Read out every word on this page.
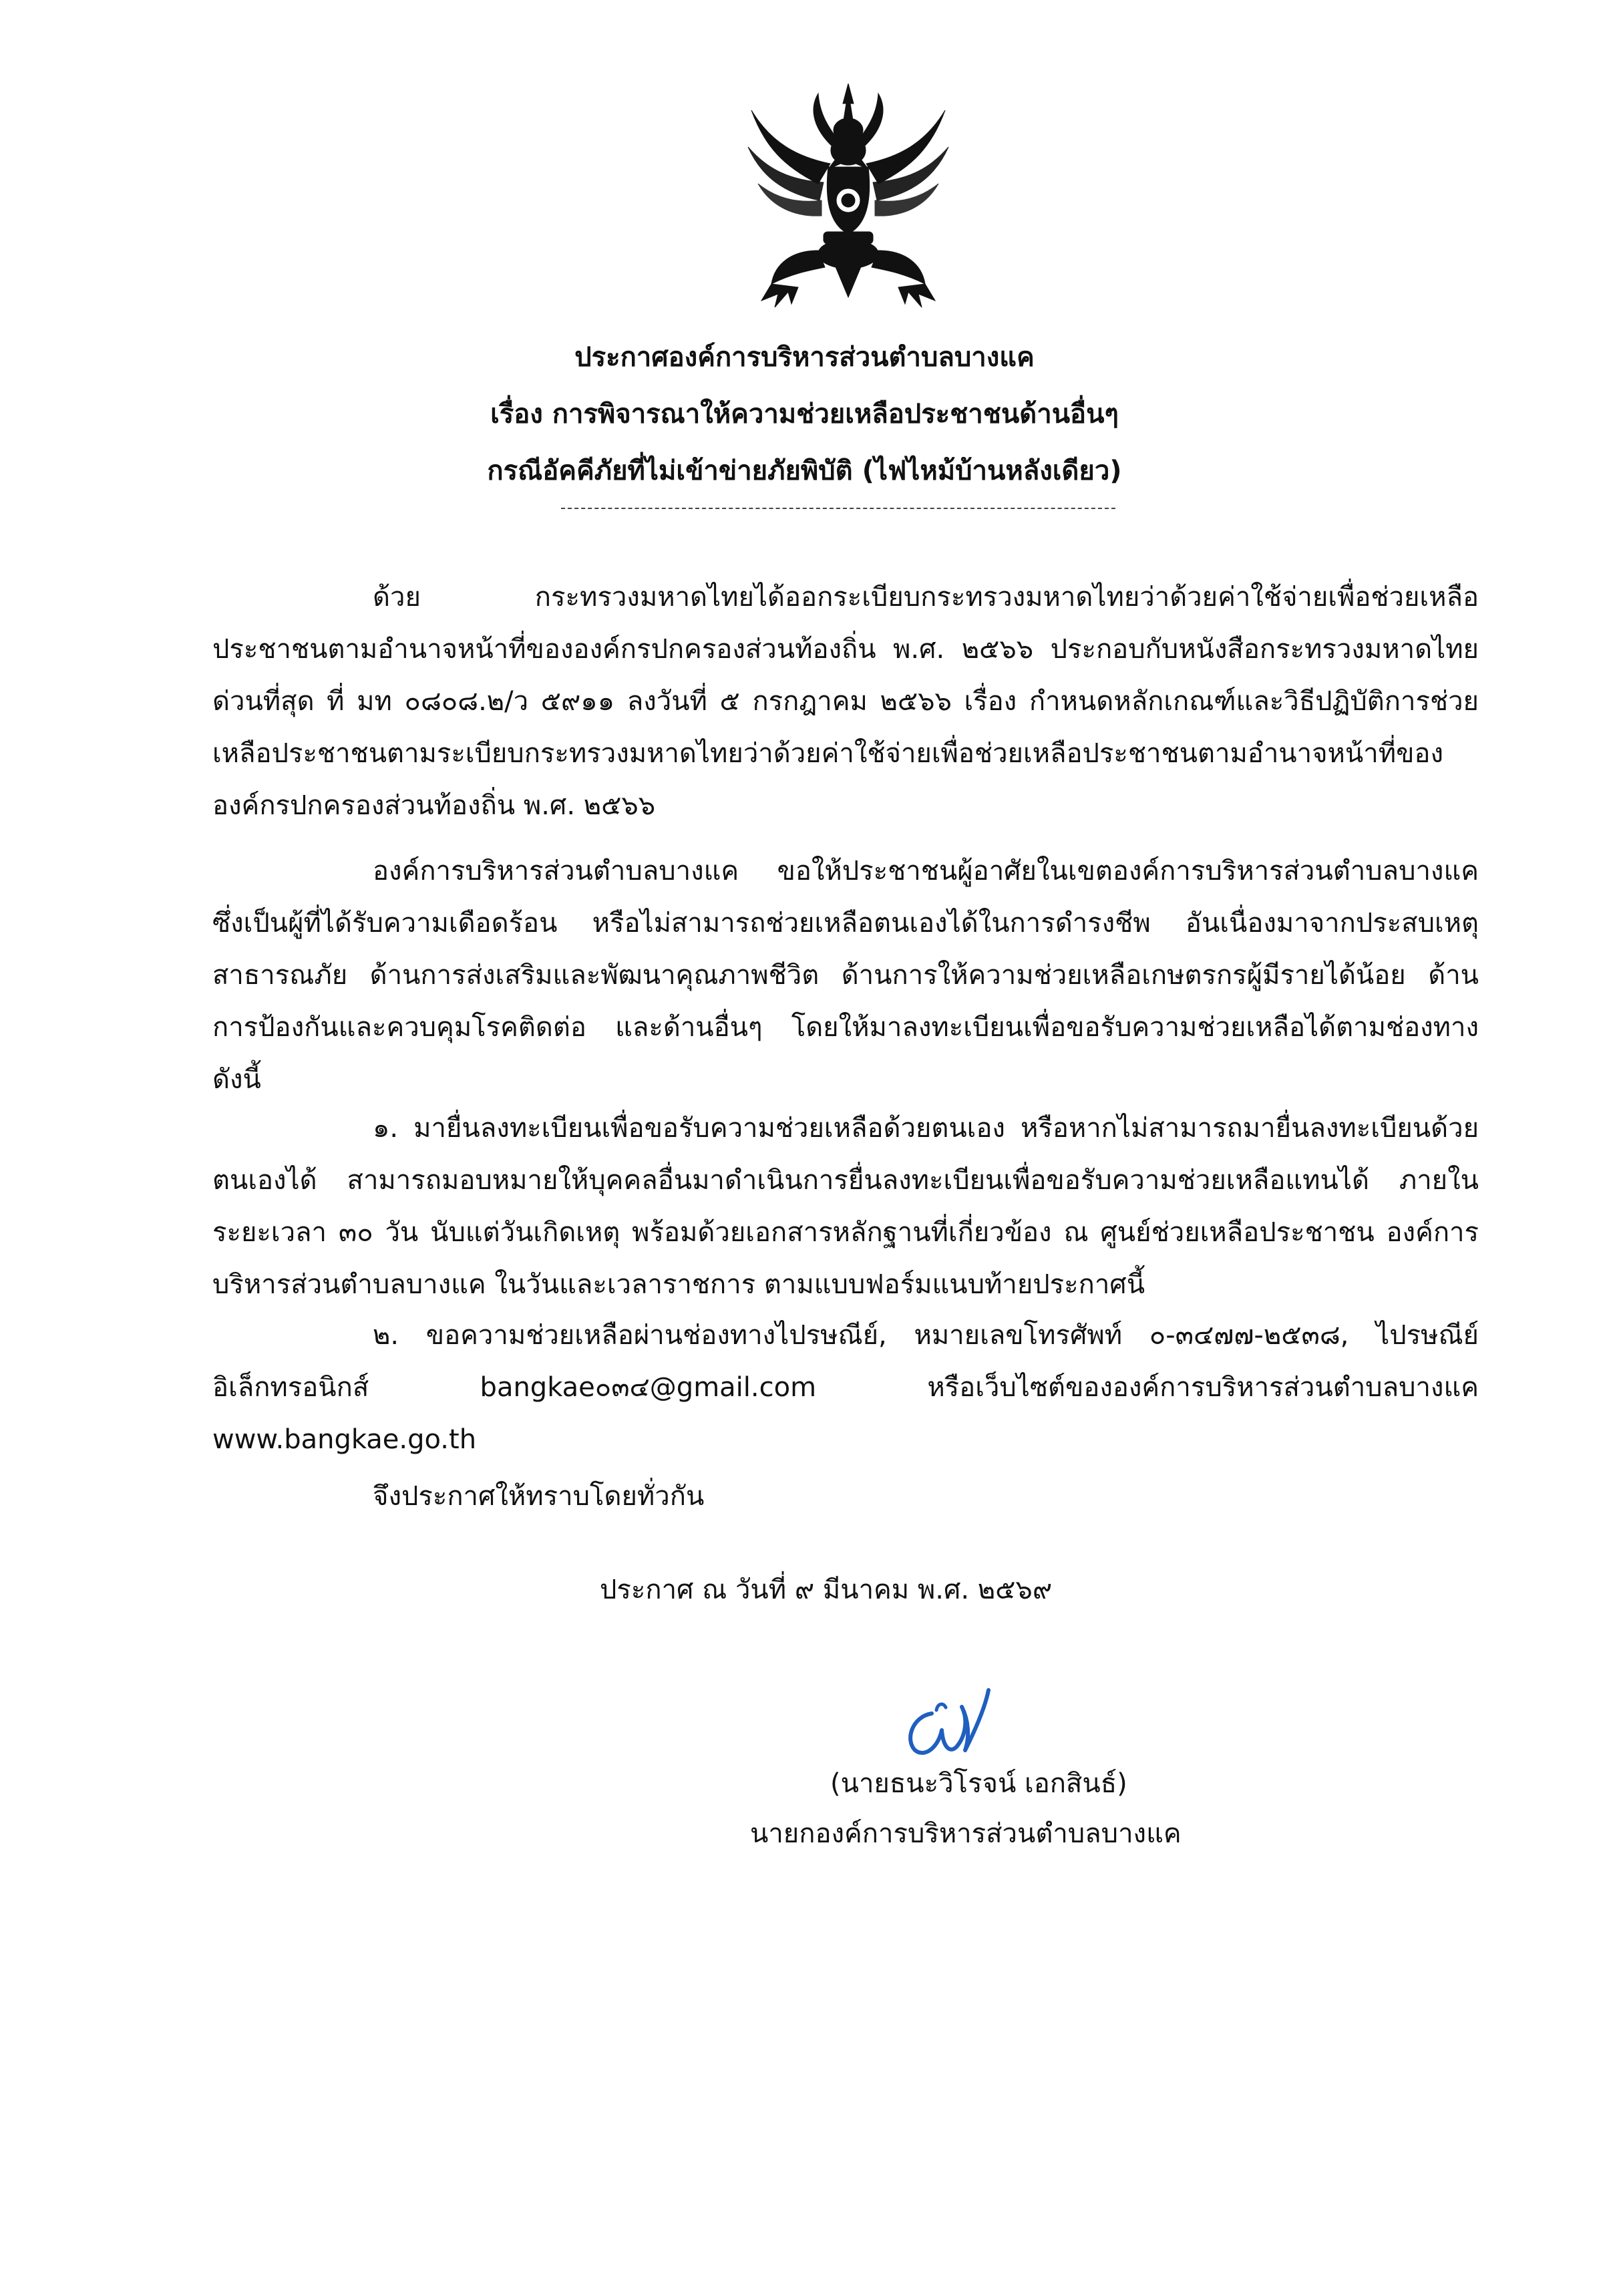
ประกาศองค์การบริหารส่วนตำบลบางแค
เรื่อง การพิจารณาให้ความช่วยเหลือประชาชนด้านอื่นๆ
กรณีอัคคีภัยที่ไม่เข้าข่ายภัยพิบัติ (ไฟไหม้บ้านหลังเดียว)

ด้วย กระทรวงมหาดไทยได้ออกระเบียบกระทรวงมหาดไทยว่าด้วยค่าใช้จ่ายเพื่อช่วยเหลือประชาชนตามอำนาจหน้าที่ขององค์กรปกครองส่วนท้องถิ่น พ.ศ. ๒๕๖๖ ประกอบกับหนังสือกระทรวงมหาดไทย ด่วนที่สุด ที่ มท ๐๘๐๘.๒/ว ๕๙๑๑ ลงวันที่ ๕ กรกฎาคม ๒๕๖๖ เรื่อง กำหนดหลักเกณฑ์และวิธีปฏิบัติการช่วยเหลือประชาชนตามระเบียบกระทรวงมหาดไทยว่าด้วยค่าใช้จ่ายเพื่อช่วยเหลือประชาชนตามอำนาจหน้าที่ขององค์กรปกครองส่วนท้องถิ่น พ.ศ. ๒๕๖๖

องค์การบริหารส่วนตำบลบางแค ขอให้ประชาชนผู้อาศัยในเขตองค์การบริหารส่วนตำบลบางแค ซึ่งเป็นผู้ที่ได้รับความเดือดร้อน หรือไม่สามารถช่วยเหลือตนเองได้ในการดำรงชีพ อันเนื่องมาจากประสบเหตุสาธารณภัย ด้านการส่งเสริมและพัฒนาคุณภาพชีวิต ด้านการให้ความช่วยเหลือเกษตรกรผู้มีรายได้น้อย ด้านการป้องกันและควบคุมโรคติดต่อ และด้านอื่นๆ โดยให้มาลงทะเบียนเพื่อขอรับความช่วยเหลือได้ตามช่องทาง ดังนี้

๑. มายื่นลงทะเบียนเพื่อขอรับความช่วยเหลือด้วยตนเอง หรือหากไม่สามารถมายื่นลงทะเบียนด้วยตนเองได้ สามารถมอบหมายให้บุคคลอื่นมาดำเนินการยื่นลงทะเบียนเพื่อขอรับความช่วยเหลือแทนได้ ภายในระยะเวลา ๓๐ วัน นับแต่วันเกิดเหตุ พร้อมด้วยเอกสารหลักฐานที่เกี่ยวข้อง ณ ศูนย์ช่วยเหลือประชาชน องค์การบริหารส่วนตำบลบางแค ในวันและเวลาราชการ ตามแบบฟอร์มแนบท้ายประกาศนี้

๒. ขอความช่วยเหลือผ่านช่องทางไปรษณีย์, หมายเลขโทรศัพท์ ๐-๓๔๗๗-๒๕๓๘, ไปรษณีย์อิเล็กทรอนิกส์ bangkae๐๓๔@gmail.com หรือเว็บไซต์ขององค์การบริหารส่วนตำบลบางแค www.bangkae.go.th

จึงประกาศให้ทราบโดยทั่วกัน
ประกาศ ณ วันที่ ๙ มีนาคม พ.ศ. ๒๕๖๙
(นายธนะวิโรจน์ เอกสินธ์)
นายกองค์การบริหารส่วนตำบลบางแค
